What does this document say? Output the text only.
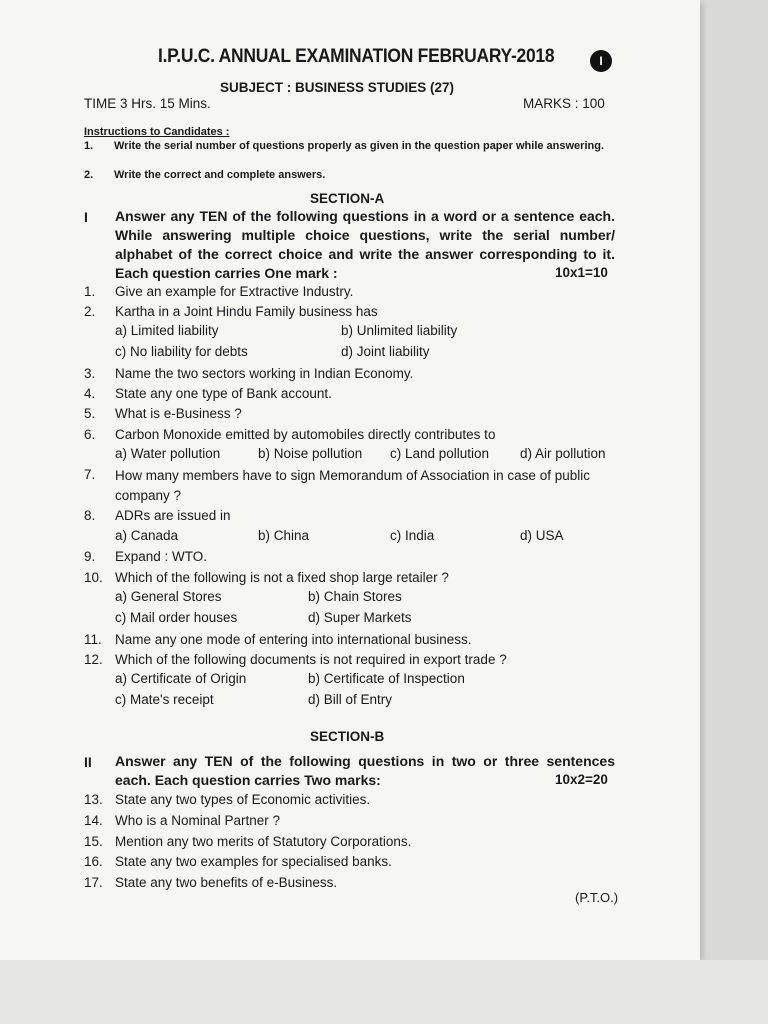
I.P.U.C. ANNUAL EXAMINATION FEBRUARY-2018	I
SUBJECT : BUSINESS STUDIES (27)
TIME 3 Hrs. 15 Mins.	MARKS : 100
Instructions to Candidates :
1. Write the serial number of questions properly as given in the question paper while answering.
2. Write the correct and complete answers.
SECTION-A
I Answer any TEN of the following questions in a word or a sentence each. While answering multiple choice questions, write the serial number/ alphabet of the correct choice and write the answer corresponding to it. Each question carries One mark :	10x1=10
1. Give an example for Extractive Industry.
2. Kartha in a Joint Hindu Family business has
a) Limited liability	b) Unlimited liability
c) No liability for debts	d) Joint liability
3. Name the two sectors working in Indian Economy.
4. State any one type of Bank account.
5. What is e-Business ?
6. Carbon Monoxide emitted by automobiles directly contributes to
a) Water pollution	b) Noise pollution c) Land pollution d) Air pollution
7. How many members have to sign Memorandum of Association in case of public company ?
8. ADRs are issued in
a) Canada	b) China	c) India	d) USA
9. Expand : WTO.
10. Which of the following is not a fixed shop large retailer ?
a) General Stores	b) Chain Stores
c) Mail order houses	d) Super Markets
11. Name any one mode of entering into international business.
12. Which of the following documents is not required in export trade ?
a) Certificate of Origin	b) Certificate of Inspection
c) Mate's receipt	d) Bill of Entry
SECTION-B
II Answer any TEN of the following questions in two or three sentences each. Each question carries Two marks:	10x2=20
13. State any two types of Economic activities.
14. Who is a Nominal Partner ?
15. Mention any two merits of Statutory Corporations.
16. State any two examples for specialised banks.
17. State any two benefits of e-Business.
(P.T.O.)
